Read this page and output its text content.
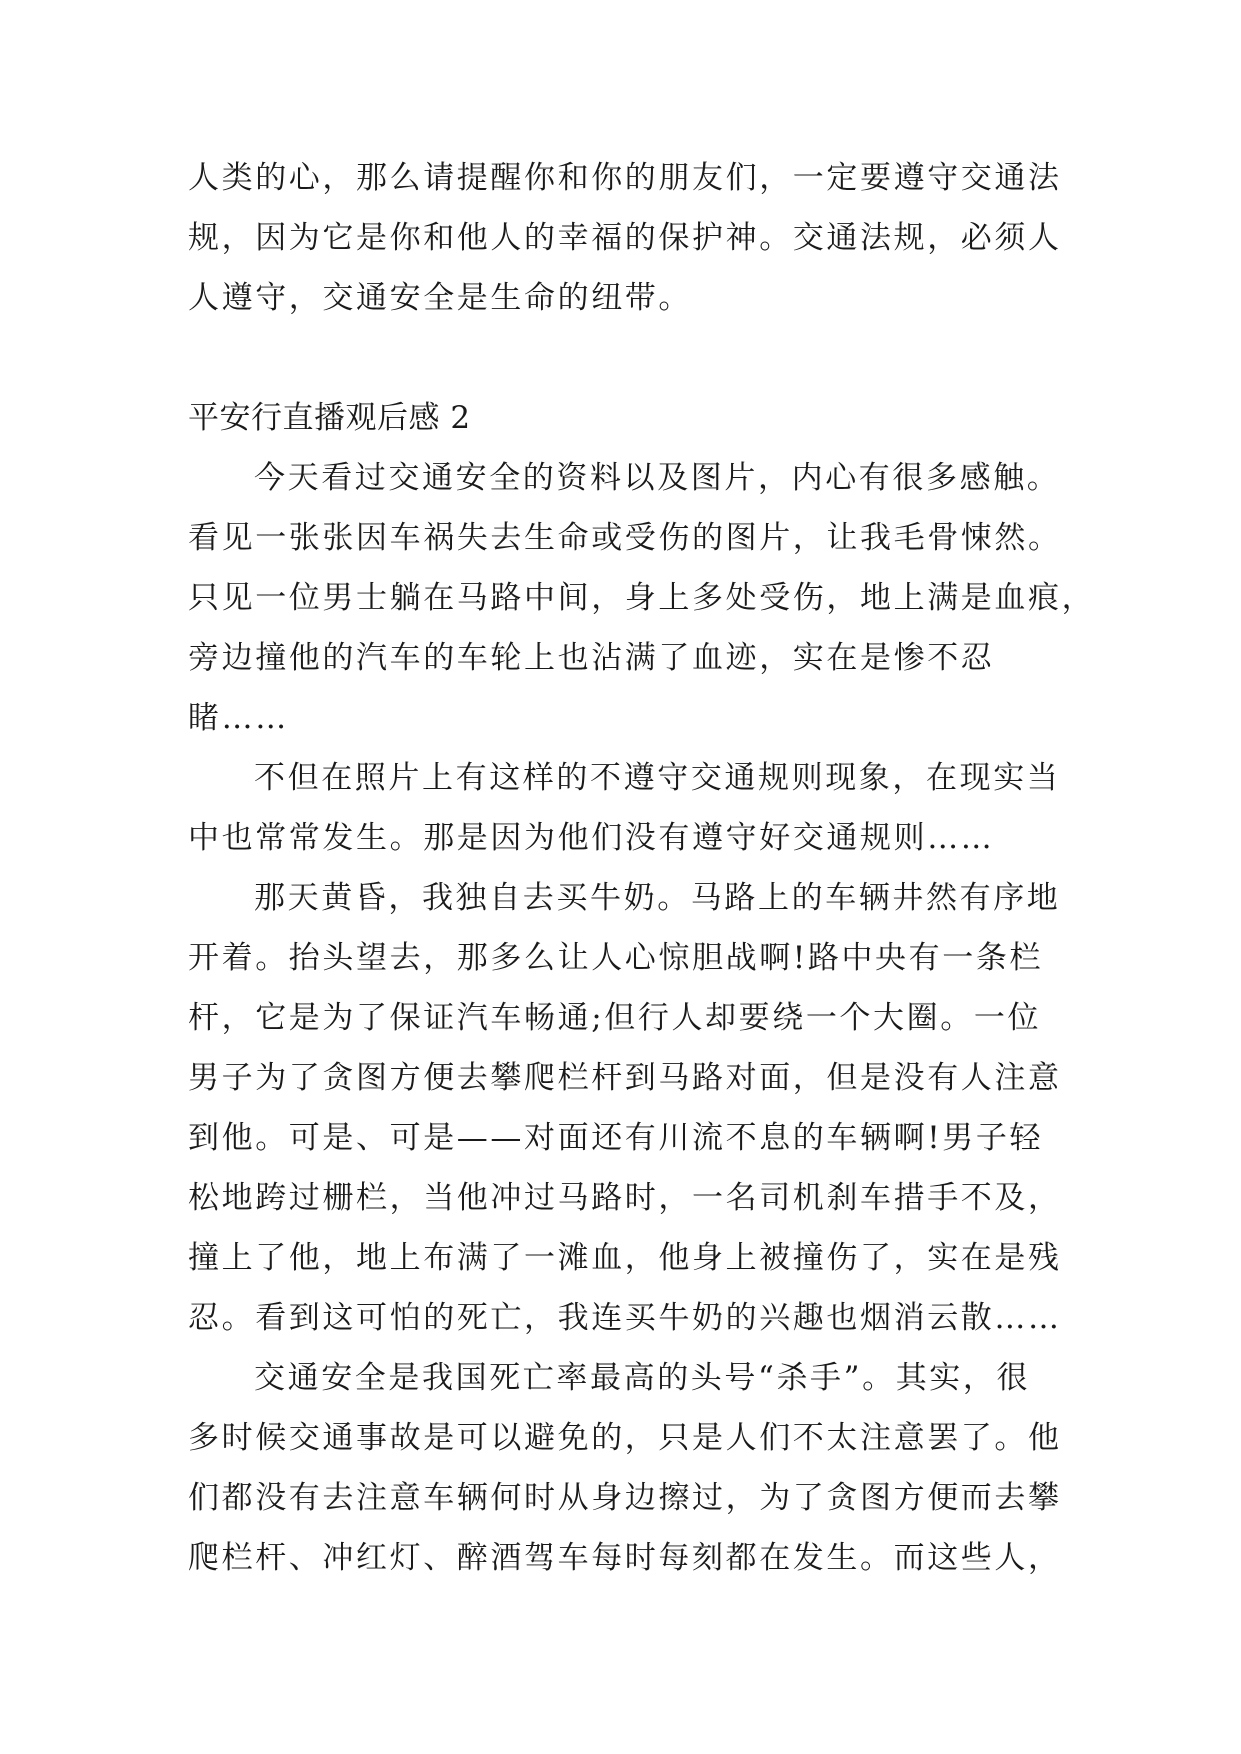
人类的心，那么请提醒你和你的朋友们，一定要遵守交通法
规，因为它是你和他人的幸福的保护神。交通法规，必须人
人遵守，交通安全是生命的纽带。
平安行直播观后感 2
今天看过交通安全的资料以及图片，内心有很多感触。
看见一张张因车祸失去生命或受伤的图片，让我毛骨悚然。
只见一位男士躺在马路中间，身上多处受伤，地上满是血痕，
旁边撞他的汽车的车轮上也沾满了血迹，实在是惨不忍
睹……
不但在照片上有这样的不遵守交通规则现象，在现实当
中也常常发生。那是因为他们没有遵守好交通规则……
那天黄昏，我独自去买牛奶。马路上的车辆井然有序地
开着。抬头望去，那多么让人心惊胆战啊!路中央有一条栏
杆，它是为了保证汽车畅通;但行人却要绕一个大圈。一位
男子为了贪图方便去攀爬栏杆到马路对面，但是没有人注意
到他。可是、可是——对面还有川流不息的车辆啊!男子轻
松地跨过栅栏，当他冲过马路时，一名司机刹车措手不及，
撞上了他，地上布满了一滩血，他身上被撞伤了，实在是残
忍。看到这可怕的死亡，我连买牛奶的兴趣也烟消云散……
交通安全是我国死亡率最高的头号“杀手”。其实，很
多时候交通事故是可以避免的，只是人们不太注意罢了。他
们都没有去注意车辆何时从身边擦过，为了贪图方便而去攀
爬栏杆、冲红灯、醉酒驾车每时每刻都在发生。而这些人，
